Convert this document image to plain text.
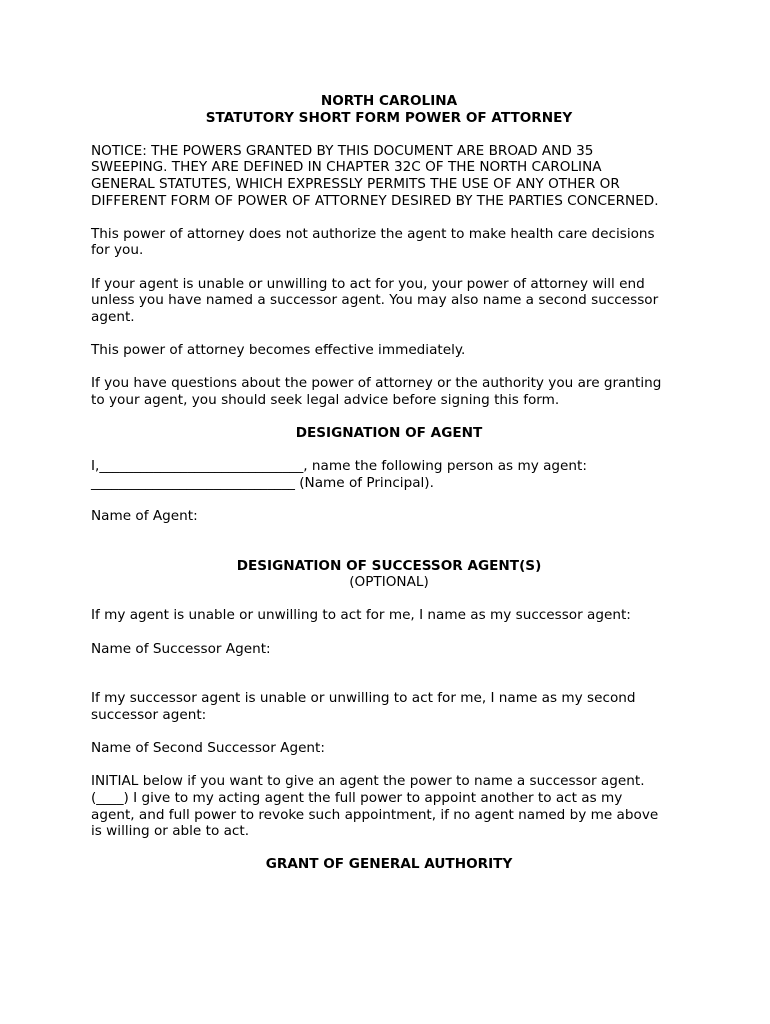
NORTH CAROLINA

STATUTORY SHORT FORM POWER OF ATTORNEY

NOTICE: THE POWERS GRANTED BY THIS DOCUMENT ARE BROAD AND 35
SWEEPING. THEY ARE DEFINED IN CHAPTER 32C OF THE NORTH CAROLINA
GENERAL STATUTES, WHICH EXPRESSLY PERMITS THE USE OF ANY OTHER OR
DIFFERENT FORM OF POWER OF ATTORNEY DESIRED BY THE PARTIES CONCERNED.
This power of attorney does not authorize the agent to make health care decisions
for you.
If your agent is unable or unwilling to act for you, your power of attorney will end
unless you have named a successor agent. You may also name a second successor
agent.
This power of attorney becomes effective immediately.
If you have questions about the power of attorney or the authority you are granting
to your agent, you should seek legal advice before signing this form.

DESIGNATION OF AGENT

I,______________________________, name the following person as my agent:
______________________________ (Name of Principal).
Name of Agent:

DESIGNATION OF SUCCESSOR AGENT(S)

(OPTIONAL)
If my agent is unable or unwilling to act for me, I name as my successor agent:
Name of Successor Agent:
If my successor agent is unable or unwilling to act for me, I name as my second
successor agent:
Name of Second Successor Agent:
INITIAL below if you want to give an agent the power to name a successor agent.
(____) I give to my acting agent the full power to appoint another to act as my
agent, and full power to revoke such appointment, if no agent named by me above
is willing or able to act.

GRANT OF GENERAL AUTHORITY
